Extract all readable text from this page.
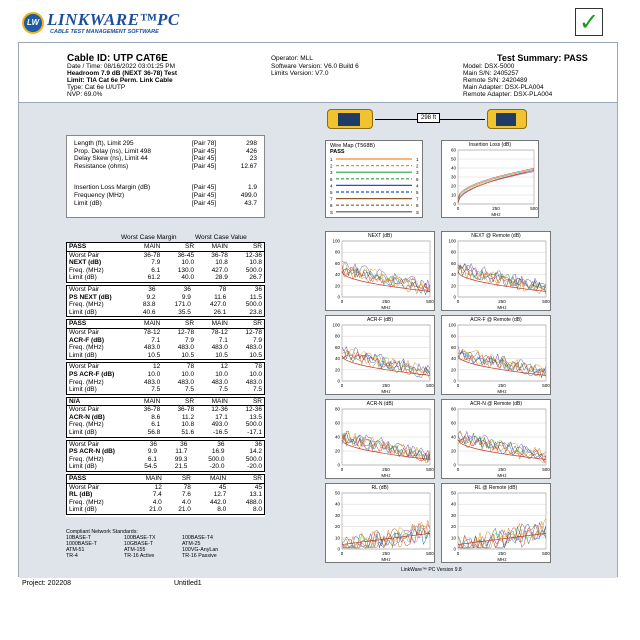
LW LINKWARE™PC
CABLE TEST MANAGEMENT SOFTWARE	✓
Cable ID: UTP CAT6E
Date / Time: 08/16/2022 03:01:25 PM
Headroom 7.9 dB (NEXT 36-78) Test
Limit: TIA Cat 6e Perm. Link Cable
Type: Cat 6e U/UTP
NVP: 69.0%
Operator: MLL
Software Version: V6.0 Build 6
Limits Version: V7.0
Test Summary: PASS
Model: DSX-5000
Main S/N: 2405257
Remote S/N: 2420489
Main Adapter: DSX-PLA004
Remote Adapter: DSX-PLA004
298 ft
Length (ft), Limit 295	[Pair 78]	298
Prop. Delay (ns), Limit 498	[Pair 45]	426
Delay Skew (ns), Limit 44	[Pair 45]	23
Resistance (ohms)	[Pair 45]	12.67
Insertion Loss Margin (dB)	[Pair 45]	1.9
Frequency (MHz)	[Pair 45]	499.0
Limit (dB)	[Pair 45]	43.7
Worst Case Margin	Worst Case Value
PASS	MAIN	SR	MAIN	SR
Worst Pair	36-78	36-45	36-78	12-36
NEXT (dB)	7.9	10.0	10.8	10.8
Freq. (MHz)	6.1	130.0	427.0	500.0
Limit (dB)	61.2	40.0	28.9	26.7
Worst Pair	36	36	78	36
PS NEXT (dB)	9.2	9.9	11.6	11.5
Freq. (MHz)	83.8	171.0	427.0	500.0
Limit (dB)	40.6	35.5	26.1	23.8
PASS	MAIN	SR	MAIN	SR
Worst Pair	78-12	12-78	78-12	12-78
ACR-F (dB)	7.1	7.9	7.1	7.9
Freq. (MHz)	483.0	483.0	483.0	483.0
Limit (dB)	10.5	10.5	10.5	10.5
Worst Pair	12	78	12	78
PS ACR-F (dB)	10.0	10.0	10.0	10.0
Freq. (MHz)	483.0	483.0	483.0	483.0
Limit (dB)	7.5	7.5	7.5	7.5
N/A	MAIN	SR	MAIN	SR
Worst Pair	36-78	36-78	12-36	12-36
ACR-N (dB)	8.6	11.2	17.1	13.5
Freq. (MHz)	6.1	10.8	493.0	500.0
Limit (dB)	56.8	51.6	-16.5	-17.1
Worst Pair	36	36	36	36
PS ACR-N (dB)	9.9	11.7	16.9	14.2
Freq. (MHz)	6.1	99.3	500.0	500.0
Limit (dB)	54.5	21.5	-20.0	-20.0
PASS	MAIN	SR	MAIN	SR
Worst Pair	12	78	45	45
RL (dB)	7.4	7.6	12.7	13.1
Freq. (MHz)	4.0	4.0	442.0	488.0
Limit (dB)	21.0	21.0	8.0	8.0
Compliant Network Standards:
10BASE-T	100BASE-TX	100BASE-T4
1000BASE-T	10GBASE-T	ATM-25
ATM-51	ATM-155	100VG-AnyLan
TR-4	TR-16 Active	TR-16 Passive
Wire Map (T568B)
PASS
1	1
2	2
3	3
6	6
4	4
5	5
7	7
8	8
S	S
Insertion Loss (dB)
60
50
40
30
20
10
0
0	250	500
MHz
NEXT (dB)
100
80
60
40
20
0
0	250	500
MHz
NEXT @ Remote (dB)
100
80
60
40
20
0
0	250	500
MHz
ACR-F (dB)
100
80
60
40
20
0
0	250	500
MHz
ACR-F @ Remote (dB)
100
80
60
40
20
0
0	250	500
MHz
ACR-N (dB)
80
60
40
20
0
0	250	500
MHz
ACR-N @ Remote (dB)
80
60
40
20
0
0	250	500
MHz
RL (dB)
50
40
30
20
10
0
0	250	500
MHz
RL @ Remote (dB)
50
40
30
20
10
0
0	250	500
MHz
LinkWare™ PC Version 9.8
Project: 202208	Untitled1
